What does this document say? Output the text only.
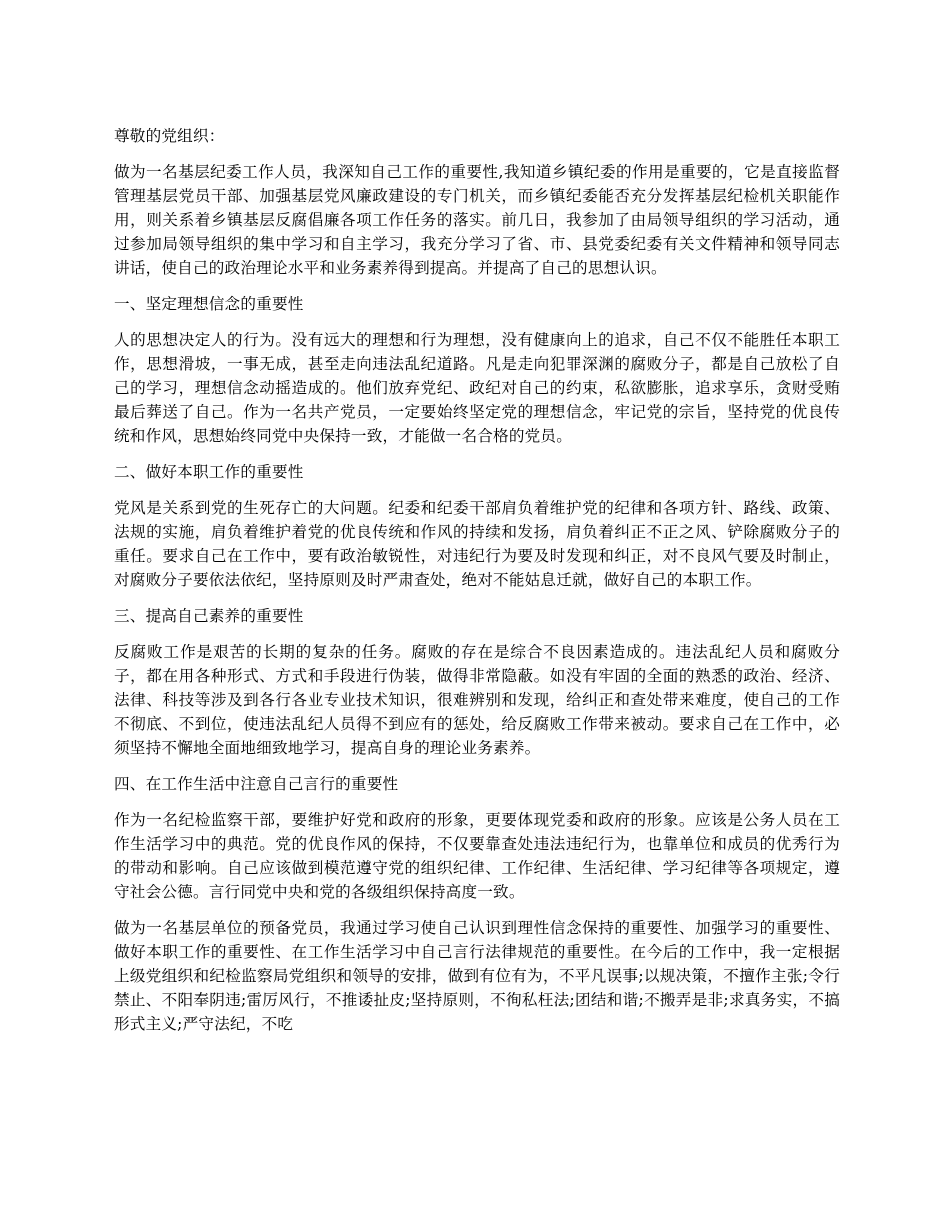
尊敬的党组织：

做为一名基层纪委工作人员，我深知自己工作的重要性,我知道乡镇纪委的作用是重要的，它是直接监督管理基层党员干部、加强基层党风廉政建设的专门机关，而乡镇纪委能否充分发挥基层纪检机关职能作用，则关系着乡镇基层反腐倡廉各项工作任务的落实。前几日，我参加了由局领导组织的学习活动，通过参加局领导组织的集中学习和自主学习，我充分学习了省、市、县党委纪委有关文件精神和领导同志讲话，使自己的政治理论水平和业务素养得到提高。并提高了自己的思想认识。

一、坚定理想信念的重要性

人的思想决定人的行为。没有远大的理想和行为理想，没有健康向上的追求，自己不仅不能胜任本职工作，思想滑坡，一事无成，甚至走向违法乱纪道路。凡是走向犯罪深渊的腐败分子，都是自己放松了自己的学习，理想信念动摇造成的。他们放弃党纪、政纪对自己的约束，私欲膨胀，追求享乐，贪财受贿最后葬送了自己。作为一名共产党员，一定要始终坚定党的理想信念，牢记党的宗旨，坚持党的优良传统和作风，思想始终同党中央保持一致，才能做一名合格的党员。

二、做好本职工作的重要性

党风是关系到党的生死存亡的大问题。纪委和纪委干部肩负着维护党的纪律和各项方针、路线、政策、法规的实施，肩负着维护着党的优良传统和作风的持续和发扬，肩负着纠正不正之风、铲除腐败分子的重任。要求自己在工作中，要有政治敏锐性，对违纪行为要及时发现和纠正，对不良风气要及时制止，对腐败分子要依法依纪，坚持原则及时严肃查处，绝对不能姑息迁就，做好自己的本职工作。

三、提高自己素养的重要性

反腐败工作是艰苦的长期的复杂的任务。腐败的存在是综合不良因素造成的。违法乱纪人员和腐败分子，都在用各种形式、方式和手段进行伪装，做得非常隐蔽。如没有牢固的全面的熟悉的政治、经济、法律、科技等涉及到各行各业专业技术知识，很难辨别和发现，给纠正和查处带来难度，使自己的工作不彻底、不到位，使违法乱纪人员得不到应有的惩处，给反腐败工作带来被动。要求自己在工作中，必须坚持不懈地全面地细致地学习，提高自身的理论业务素养。

四、在工作生活中注意自己言行的重要性

作为一名纪检监察干部，要维护好党和政府的形象，更要体现党委和政府的形象。应该是公务人员在工作生活学习中的典范。党的优良作风的保持，不仅要靠查处违法违纪行为，也靠单位和成员的优秀行为的带动和影响。自己应该做到模范遵守党的组织纪律、工作纪律、生活纪律、学习纪律等各项规定，遵守社会公德。言行同党中央和党的各级组织保持高度一致。

做为一名基层单位的预备党员，我通过学习使自己认识到理性信念保持的重要性、加强学习的重要性、做好本职工作的重要性、在工作生活学习中自己言行法律规范的重要性。在今后的工作中，我一定根据上级党组织和纪检监察局党组织和领导的安排，做到有位有为，不平凡误事;以规决策，不擅作主张;令行禁止、不阳奉阴违;雷厉风行，不推诿扯皮;坚持原则，不徇私枉法;团结和谐;不搬弄是非;求真务实，不搞形式主义;严守法纪，不吃
